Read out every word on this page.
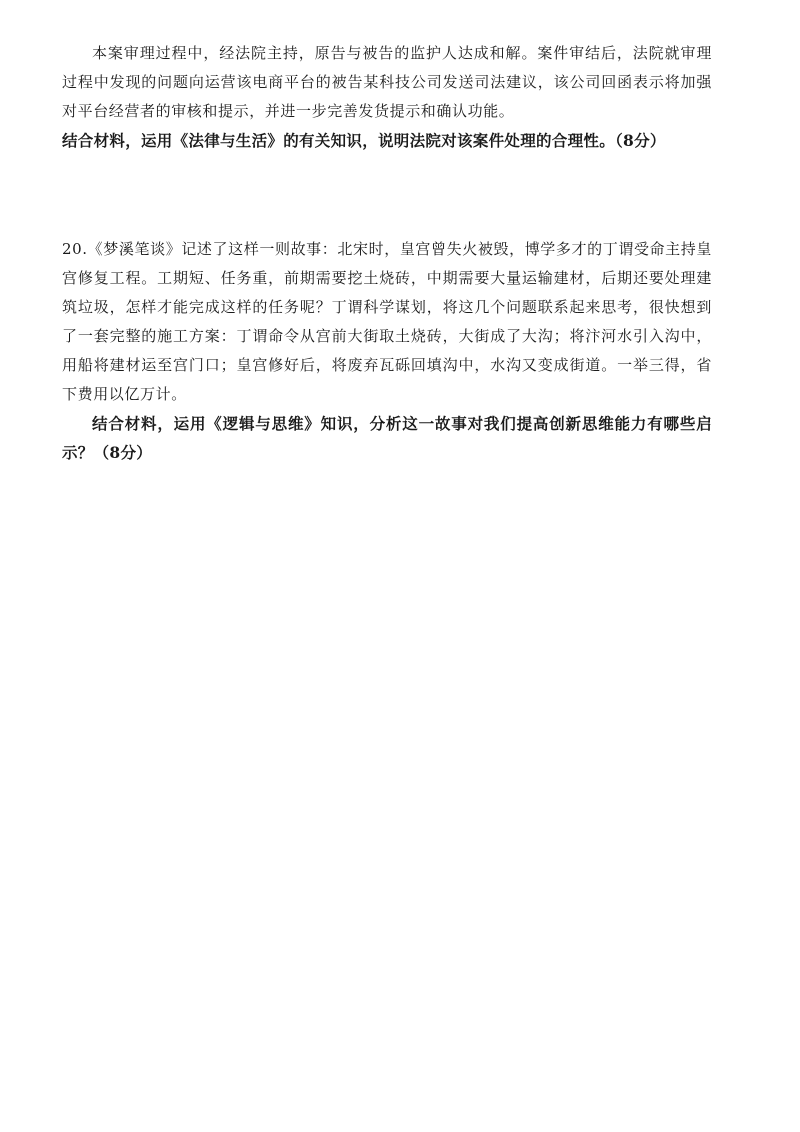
本案审理过程中，经法院主持，原告与被告的监护人达成和解。案件审结后，法院就审理过程中发现的问题向运营该电商平台的被告某科技公司发送司法建议，该公司回函表示将加强对平台经营者的审核和提示，并进一步完善发货提示和确认功能。

结合材料，运用《法律与生活》的有关知识，说明法院对该案件处理的合理性。（8分）

20.《梦溪笔谈》记述了这样一则故事：北宋时，皇宫曾失火被毁，博学多才的丁谓受命主持皇宫修复工程。工期短、任务重，前期需要挖土烧砖，中期需要大量运输建材，后期还要处理建筑垃圾，怎样才能完成这样的任务呢？丁谓科学谋划，将这几个问题联系起来思考，很快想到了一套完整的施工方案：丁谓命令从宫前大街取土烧砖，大街成了大沟；将汴河水引入沟中，用船将建材运至宫门口；皇宫修好后，将废弃瓦砾回填沟中，水沟又变成街道。一举三得，省下费用以亿万计。

结合材料，运用《逻辑与思维》知识，分析这一故事对我们提高创新思维能力有哪些启示？（8分）
